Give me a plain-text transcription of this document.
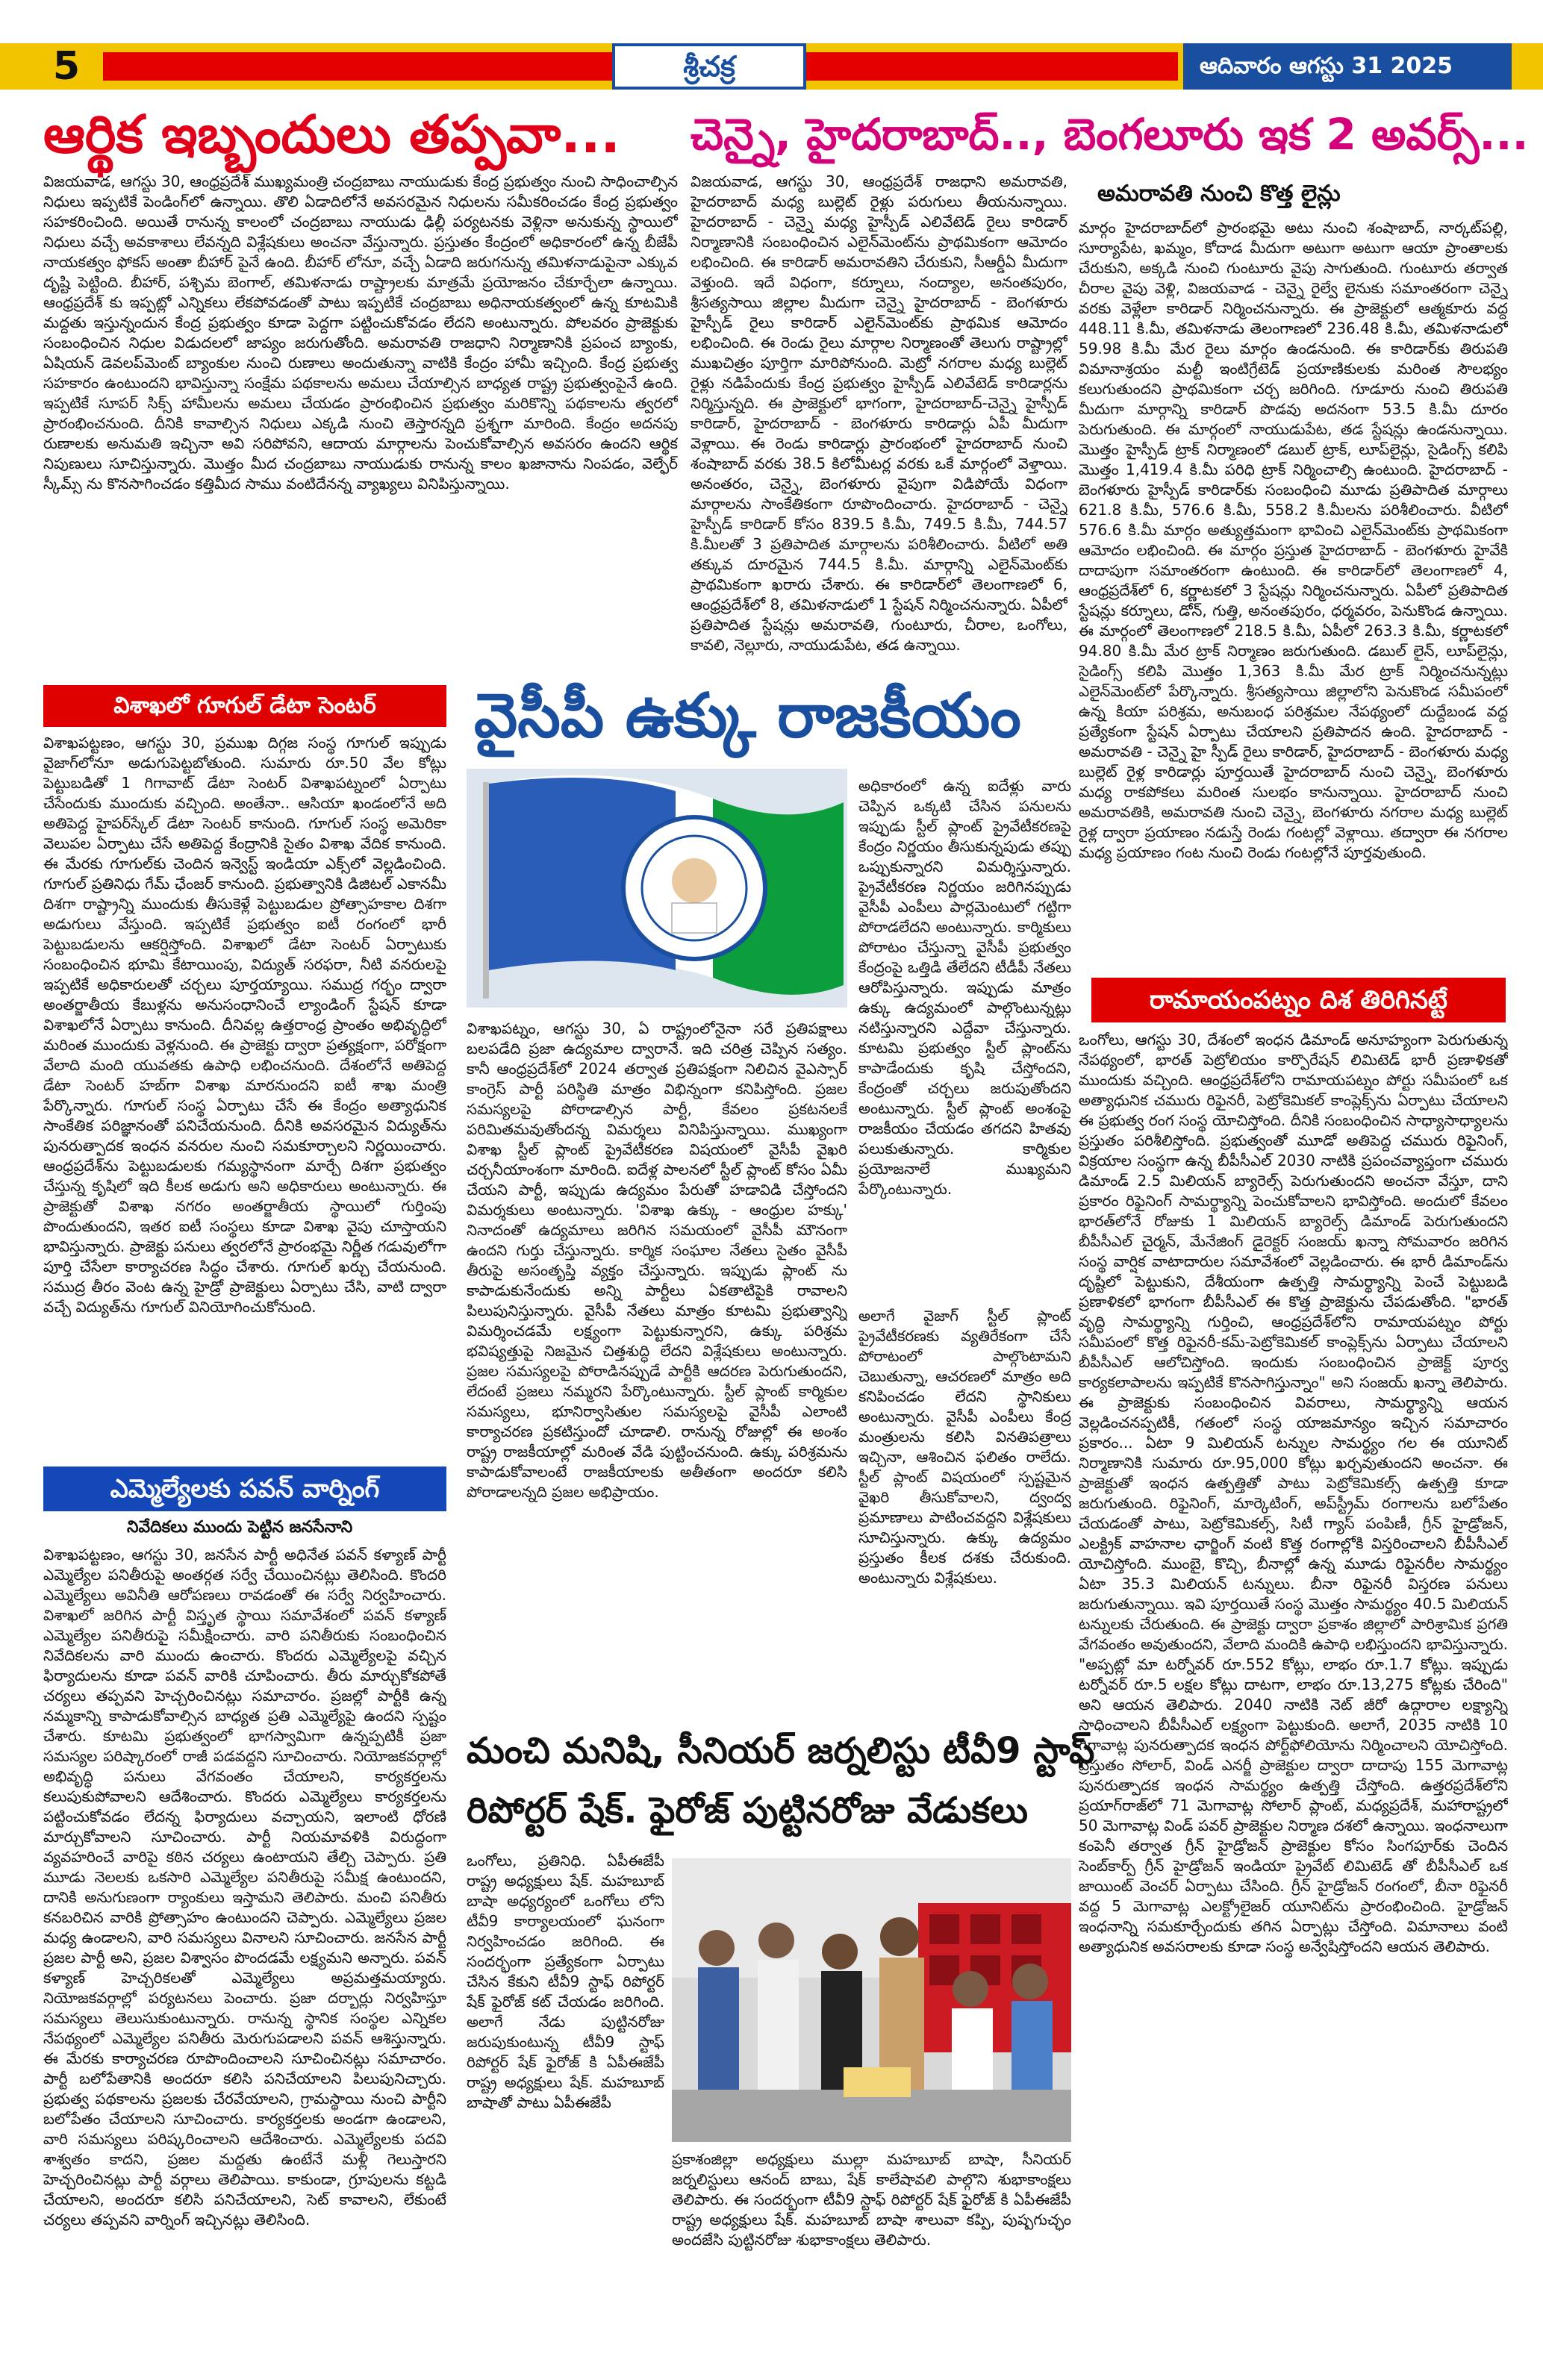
5	శ్రీచక్ర	ఆదివారం ఆగస్టు 31 2025
ఆర్థిక ఇబ్బందులు తప్పవా...
విజయవాడ, ఆగస్టు 30, ఆంధ్రప్రదేశ్ ముఖ్యమంత్రి చంద్రబాబు నాయుడుకు కేంద్ర ప్రభుత్వం నుంచి సాధించాల్సిన నిధులు ఇప్పటికే పెండింగ్‌లో ఉన్నాయి. తొలి ఏడాదిలోనే అవసరమైన నిధులను సమీకరించడం కేంద్ర ప్రభుత్వం సహకరించింది. అయితే రానున్న కాలంలో చంద్రబాబు నాయుడు ఢిల్లీ పర్యటనకు వెళ్లినా అనుకున్న స్థాయిలో నిధులు వచ్చే అవకాశాలు లేవన్నది విశ్లేషకులు అంచనా వేస్తున్నారు. ప్రస్తుతం కేంద్రంలో అధికారంలో ఉన్న బీజేపీ నాయకత్వం ఫోకస్ అంతా బీహార్ పైనే ఉంది. బీహార్ లోనూ, వచ్చే ఏడాది జరుగనున్న తమిళనాడుపైనా ఎక్కువ దృష్టి పెట్టింది. బీహార్, పశ్చిమ బెంగాల్, తమిళనాడు రాష్ట్రాలకు మాత్రమే ప్రయోజనం చేకూర్చేలా ఉన్నాయి. ఆంధ్రప్రదేశ్ కు ఇప్పట్లో ఎన్నికలు లేకపోవడంతో పాటు ఇప్పటికే చంద్రబాబు అధినాయకత్వంలో ఉన్న కూటమికి మద్దతు ఇస్తున్నందున కేంద్ర ప్రభుత్వం కూడా పెద్దగా పట్టించుకోవడం లేదని అంటున్నారు. పోలవరం ప్రాజెక్టుకు సంబంధించిన నిధుల విడుదలలో జాప్యం జరుగుతోంది. అమరావతి రాజధాని నిర్మాణానికి ప్రపంచ బ్యాంకు, ఏషియన్ డెవలప్‌మెంట్ బ్యాంకుల నుంచి రుణాలు అందుతున్నా వాటికి కేంద్రం హామీ ఇచ్చింది. కేంద్ర ప్రభుత్వ సహకారం ఉంటుందని భావిస్తున్నా సంక్షేమ పథకాలను అమలు చేయాల్సిన బాధ్యత రాష్ట్ర ప్రభుత్వంపైనే ఉంది. ఇప్పటికే సూపర్ సిక్స్ హామీలను అమలు చేయడం ప్రారంభించిన ప్రభుత్వం మరికొన్ని పథకాలను త్వరలో ప్రారంభించనుంది. దీనికి కావాల్సిన నిధులు ఎక్కడి నుంచి తెస్తారన్నది ప్రశ్నగా మారింది. కేంద్రం అదనపు రుణాలకు అనుమతి ఇచ్చినా అవి సరిపోవని, ఆదాయ మార్గాలను పెంచుకోవాల్సిన అవసరం ఉందని ఆర్థిక నిపుణులు సూచిస్తున్నారు. మొత్తం మీద చంద్రబాబు నాయుడుకు రానున్న కాలం ఖజానాను నింపడం, వెల్ఫేర్ స్కీమ్స్ ను కొనసాగించడం కత్తిమీద సాము వంటిదేనన్న వ్యాఖ్యలు వినిపిస్తున్నాయి.
చెన్నై, హైదరాబాద్.., బెంగలూరు ఇక 2 అవర్స్...
విజయవాడ, ఆగస్టు 30, ఆంధ్రప్రదేశ్ రాజధాని అమరావతి, హైదరాబాద్ మధ్య బుల్లెట్ రైళ్లు పరుగులు తీయనున్నాయి. హైదరాబాద్ - చెన్నై మధ్య హైస్పీడ్ ఎలివేటెడ్ రైలు కారిడార్ నిర్మాణానికి సంబంధించిన ఎలైన్‌మెంట్‌ను ప్రాథమికంగా ఆమోదం లభించింది. ఈ కారిడార్ అమరావతిని చేరుకుని, సీఆర్డీఏ మీదుగా వెళ్తుంది. ఇదే విధంగా, కర్నూలు, నంద్యాల, అనంతపురం, శ్రీసత్యసాయి జిల్లాల మీదుగా చెన్నై హైదరాబాద్ - బెంగళూరు హైస్పీడ్ రైలు కారిడార్ ఎలైన్‌మెంట్‌కు ప్రాథమిక ఆమోదం లభించింది. ఈ రెండు రైలు మార్గాల నిర్మాణంతో తెలుగు రాష్ట్రాల్లో ముఖచిత్రం పూర్తిగా మారిపోనుంది. మెట్రో నగరాల మధ్య బుల్లెట్ రైళ్లు నడిపేందుకు కేంద్ర ప్రభుత్వం హైస్పీడ్ ఎలివేటెడ్ కారిడార్లను నిర్మిస్తున్నది. ఈ ప్రాజెక్టులో భాగంగా, హైదరాబాద్-చెన్నై హైస్పీడ్ కారిడార్, హైదరాబాద్ - బెంగళూరు కారిడార్లు ఏపీ మీదుగా వెళ్లాయి. ఈ రెండు కారిడార్లు ప్రారంభంలో హైదరాబాద్ నుంచి శంషాబాద్ వరకు 38.5 కిలోమీటర్ల వరకు ఒకే మార్గంలో వెళ్తాయి. అనంతరం, చెన్నై, బెంగళూరు వైపుగా విడిపోయే విధంగా మార్గాలను సాంకేతికంగా రూపొందించారు. హైదరాబాద్ - చెన్నై హైస్పీడ్ కారిడార్ కోసం 839.5 కి.మీ, 749.5 కి.మీ, 744.57 కి.మీలతో 3 ప్రతిపాదిత మార్గాలను పరిశీలించారు. వీటిలో అతి తక్కువ దూరమైన 744.5 కి.మీ. మార్గాన్ని ఎలైన్‌మెంట్‌కు ప్రాథమికంగా ఖరారు చేశారు. ఈ కారిడార్‌లో తెలంగాణలో 6, ఆంధ్రప్రదేశ్‌లో 8, తమిళనాడులో 1 స్టేషన్ నిర్మించనున్నారు. ఏపీలో ప్రతిపాదిత స్టేషన్లు అమరావతి, గుంటూరు, చీరాల, ఒంగోలు, కావలి, నెల్లూరు, నాయుడుపేట, తడ ఉన్నాయి.
అమరావతి నుంచి కొత్త లైన్లు
మార్గం హైదరాబాద్‌లో ప్రారంభమై అటు నుంచి శంషాబాద్, నార్కట్‌పల్లి, సూర్యాపేట, ఖమ్మం, కోదాడ మీదుగా అటుగా అటుగా ఆయా ప్రాంతాలకు చేరుకుని, అక్కడి నుంచి గుంటూరు వైపు సాగుతుంది. గుంటూరు తర్వాత చీరాల వైపు వెళ్లి, విజయవాడ - చెన్నై రైల్వే లైనుకు సమాంతరంగా చెన్నై వరకు వెళ్లేలా కారిడార్ నిర్మించనున్నారు. ఈ ప్రాజెక్టులో ఆత్మకూరు వద్ద 448.11 కి.మీ, తమిళనాడు తెలంగాణలో 236.48 కి.మీ, తమిళనాడులో 59.98 కి.మీ మేర రైలు మార్గం ఉండనుంది. ఈ కారిడార్‌కు తిరుపతి విమానాశ్రయం మల్టీ ఇంటిగ్రేటెడ్ ప్రయాణికులకు మరింత సౌలభ్యం కలుగుతుందని ప్రాథమికంగా చర్చ జరిగింది. గూడూరు నుంచి తిరుపతి మీదుగా మార్గాన్ని కారిడార్ పొడవు అదనంగా 53.5 కి.మీ దూరం పెరుగుతుంది. ఈ మార్గంలో నాయుడుపేట, తడ స్టేషన్లు ఉండనున్నాయి. మొత్తం హైస్పీడ్ ట్రాక్ నిర్మాణంలో డబుల్ ట్రాక్, లూప్‌లైన్లు, సైడింగ్స్ కలిపి మొత్తం 1,419.4 కి.మీ పరిధి ట్రాక్ నిర్మించాల్సి ఉంటుంది. హైదరాబాద్ - బెంగళూరు హైస్పీడ్ కారిడార్‌కు సంబంధించి మూడు ప్రతిపాదిత మార్గాలు 621.8 కి.మీ, 576.6 కి.మీ, 558.2 కి.మీలను పరిశీలించారు. వీటిలో 576.6 కి.మీ మార్గం అత్యుత్తమంగా భావించి ఎలైన్‌మెంట్‌కు ప్రాథమికంగా ఆమోదం లభించింది. ఈ మార్గం ప్రస్తుత హైదరాబాద్ - బెంగళూరు హైవేకి దాదాపుగా సమాంతరంగా ఉంటుంది. ఈ కారిడార్‌లో తెలంగాణలో 4, ఆంధ్రప్రదేశ్‌లో 6, కర్ణాటకలో 3 స్టేషన్లు నిర్మించనున్నారు. ఏపీలో ప్రతిపాదిత స్టేషన్లు కర్నూలు, డోన్, గుత్తి, అనంతపురం, ధర్మవరం, పెనుకొండ ఉన్నాయి. ఈ మార్గంలో తెలంగాణలో 218.5 కి.మీ, ఏపీలో 263.3 కి.మీ, కర్ణాటకలో 94.80 కి.మీ మేర ట్రాక్ నిర్మాణం జరుగుతుంది. డబుల్ లైన్, లూప్‌లైన్లు, సైడింగ్స్ కలిపి మొత్తం 1,363 కి.మీ మేర ట్రాక్ నిర్మించనున్నట్లు ఎలైన్‌మెంట్‌లో పేర్కొన్నారు. శ్రీసత్యసాయి జిల్లాలోని పెనుకొండ సమీపంలో ఉన్న కియా పరిశ్రమ, అనుబంధ పరిశ్రమల నేపథ్యంలో దుద్దేబండ వద్ద ప్రత్యేకంగా స్టేషన్ ఏర్పాటు చేయాలని ప్రతిపాదన ఉంది. హైదరాబాద్ - అమరావతి - చెన్నై హై స్పీడ్ రైలు కారిడార్, హైదరాబాద్ - బెంగళూరు మధ్య బుల్లెట్ రైళ్ల కారిడార్లు పూర్తయితే హైదరాబాద్ నుంచి చెన్నై, బెంగళూరు మధ్య రాకపోకలు మరింత సులభం కానున్నాయి. హైదరాబాద్ నుంచి అమరావతికి, అమరావతి నుంచి చెన్నై, బెంగళూరు నగరాల మధ్య బుల్లెట్ రైళ్ల ద్వారా ప్రయాణం నడుస్తే రెండు గంటల్లో వెళ్లాయి. తద్వారా ఈ నగరాల మధ్య ప్రయాణం గంట నుంచి రెండు గంటల్లోనే పూర్తవుతుంది.
విశాఖలో గూగుల్ డేటా సెంటర్
విశాఖపట్టణం, ఆగస్టు 30, ప్రముఖ దిగ్గజ సంస్థ గూగుల్ ఇప్పుడు వైజాగ్‌లోనూ అడుగుపెట్టబోతుంది. సుమారు రూ.50 వేల కోట్లు పెట్టుబడితో 1 గిగావాట్ డేటా సెంటర్ విశాఖపట్నంలో ఏర్పాటు చేసేందుకు ముందుకు వచ్చింది. అంతేనా.. ఆసియా ఖండంలోనే అది అతిపెద్ద హైపర్‌స్కేల్ డేటా సెంటర్ కానుంది. గూగుల్ సంస్థ అమెరికా వెలుపల ఏర్పాటు చేసే అతిపెద్ద కేంద్రానికి సైతం విశాఖ వేదిక కానుంది. ఈ మేరకు గూగుల్‌కు చెందిన ఇన్వెస్ట్ ఇండియా ఎక్స్‌లో వెల్లడించింది. గూగుల్ ప్రతినిధు గేమ్ ఛేంజర్ కానుంది. ప్రభుత్వానికి డిజిటల్ ఎకానమీ దిశగా రాష్ట్రాన్ని ముందుకు తీసుకెళ్లే పెట్టుబడుల ప్రోత్సాహకాల దిశగా అడుగులు వేస్తుంది. ఇప్పటికే ప్రభుత్వం ఐటీ రంగంలో భారీ పెట్టుబడులను ఆకర్షిస్తోంది. విశాఖలో డేటా సెంటర్ ఏర్పాటుకు సంబంధించిన భూమి కేటాయింపు, విద్యుత్ సరఫరా, నీటి వనరులపై ఇప్పటికే అధికారులతో చర్చలు పూర్తయ్యాయి. సముద్ర గర్భం ద్వారా అంతర్జాతీయ కేబుళ్లను అనుసంధానించే ల్యాండింగ్ స్టేషన్ కూడా విశాఖలోనే ఏర్పాటు కానుంది. దీనివల్ల ఉత్తరాంధ్ర ప్రాంతం అభివృద్ధిలో మరింత ముందుకు వెళ్లనుంది. ఈ ప్రాజెక్టు ద్వారా ప్రత్యక్షంగా, పరోక్షంగా వేలాది మంది యువతకు ఉపాధి లభించనుంది. దేశంలోనే అతిపెద్ద డేటా సెంటర్ హబ్‌గా విశాఖ మారనుందని ఐటీ శాఖ మంత్రి పేర్కొన్నారు. గూగుల్ సంస్థ ఏర్పాటు చేసే ఈ కేంద్రం అత్యాధునిక సాంకేతిక పరిజ్ఞానంతో పనిచేయనుంది. దీనికి అవసరమైన విద్యుత్‌ను పునరుత్పాదక ఇంధన వనరుల నుంచి సమకూర్చాలని నిర్ణయించారు. ఆంధ్రప్రదేశ్‌ను పెట్టుబడులకు గమ్యస్థానంగా మార్చే దిశగా ప్రభుత్వం చేస్తున్న కృషిలో ఇది కీలక అడుగు అని అధికారులు అంటున్నారు. ఈ ప్రాజెక్టుతో విశాఖ నగరం అంతర్జాతీయ స్థాయిలో గుర్తింపు పొందుతుందని, ఇతర ఐటీ సంస్థలు కూడా విశాఖ వైపు చూస్తాయని భావిస్తున్నారు. ప్రాజెక్టు పనులు త్వరలోనే ప్రారంభమై నిర్ణీత గడువులోగా పూర్తి చేసేలా కార్యాచరణ సిద్ధం చేశారు. గూగుల్ ఖర్చు చేయనుంది. సముద్ర తీరం వెంట ఉన్న హైడ్రో ప్రాజెక్టులు ఏర్పాటు చేసి, వాటి ద్వారా వచ్చే విద్యుత్‌ను గూగుల్ వినియోగించుకోనుంది.
వైసీపీ ఉక్కు రాజకీయం
అధికారంలో ఉన్న ఐదేళ్లు వారు చెప్పిన ఒక్కటి చేసిన పనులను ఇప్పుడు స్టీల్ ప్లాంట్ ప్రైవేటీకరణపై కేంద్రం నిర్ణయం తీసుకున్నపుడు తప్పు ఒప్పుకున్నారని విమర్శిస్తున్నారు. ప్రైవేటీకరణ నిర్ణయం జరిగినప్పుడు వైసీపీ ఎంపీలు పార్లమెంటులో గట్టిగా పోరాడలేదని అంటున్నారు. కార్మికులు పోరాటం చేస్తున్నా వైసీపీ ప్రభుత్వం కేంద్రంపై ఒత్తిడి తేలేదని టీడీపీ నేతలు ఆరోపిస్తున్నారు. ఇప్పుడు మాత్రం ఉక్కు ఉద్యమంలో పాల్గొంటున్నట్లు నటిస్తున్నారని ఎద్దేవా చేస్తున్నారు. కూటమి ప్రభుత్వం స్టీల్ ప్లాంట్‌ను కాపాడేందుకు కృషి చేస్తోందని, కేంద్రంతో చర్చలు జరుపుతోందని అంటున్నారు. స్టీల్ ప్లాంట్ అంశంపై రాజకీయం చేయడం తగదని హితవు పలుకుతున్నారు. కార్మికుల ప్రయోజనాలే ముఖ్యమని పేర్కొంటున్నారు.
విశాఖపట్నం, ఆగస్టు 30, ఏ రాష్ట్రంలోనైనా సరే ప్రతిపక్షాలు బలపడేది ప్రజా ఉద్యమాల ద్వారానే. ఇది చరిత్ర చెప్పిన సత్యం. కానీ ఆంధ్రప్రదేశ్‌లో 2024 తర్వాత ప్రతిపక్షంగా నిలిచిన వైఎస్సార్ కాంగ్రెస్ పార్టీ పరిస్థితి మాత్రం విభిన్నంగా కనిపిస్తోంది. ప్రజల సమస్యలపై పోరాడాల్సిన పార్టీ, కేవలం ప్రకటనలకే పరిమితమవుతోందన్న విమర్శలు వినిపిస్తున్నాయి. ముఖ్యంగా విశాఖ స్టీల్ ప్లాంట్ ప్రైవేటీకరణ విషయంలో వైసీపీ వైఖరి చర్చనీయాంశంగా మారింది. ఐదేళ్ల పాలనలో స్టీల్ ప్లాంట్ కోసం ఏమీ చేయని పార్టీ, ఇప్పుడు ఉద్యమం పేరుతో హడావిడి చేస్తోందని విమర్శకులు అంటున్నారు. 'విశాఖ ఉక్కు - ఆంధ్రుల హక్కు' నినాదంతో ఉద్యమాలు జరిగిన సమయంలో వైసీపీ మౌనంగా ఉందని గుర్తు చేస్తున్నారు. కార్మిక సంఘాల నేతలు సైతం వైసీపీ తీరుపై అసంతృప్తి వ్యక్తం చేస్తున్నారు. ఇప్పుడు ప్లాంట్ ను కాపాడుకునేందుకు అన్ని పార్టీలు ఏకతాటిపైకి రావాలని పిలుపునిస్తున్నారు. వైసీపీ నేతలు మాత్రం కూటమి ప్రభుత్వాన్ని విమర్శించడమే లక్ష్యంగా పెట్టుకున్నారని, ఉక్కు పరిశ్రమ భవిష్యత్తుపై నిజమైన చిత్తశుద్ధి లేదని విశ్లేషకులు అంటున్నారు. ప్రజల సమస్యలపై పోరాడినప్పుడే పార్టీకి ఆదరణ పెరుగుతుందని, లేదంటే ప్రజలు నమ్మరని పేర్కొంటున్నారు. స్టీల్ ప్లాంట్ కార్మికుల సమస్యలు, భూనిర్వాసితుల సమస్యలపై వైసీపీ ఎలాంటి కార్యాచరణ ప్రకటిస్తుందో చూడాలి. రానున్న రోజుల్లో ఈ అంశం రాష్ట్ర రాజకీయాల్లో మరింత వేడి పుట్టించనుంది. ఉక్కు పరిశ్రమను కాపాడుకోవాలంటే రాజకీయాలకు అతీతంగా అందరూ కలిసి పోరాడాలన్నది ప్రజల అభిప్రాయం.
అలాగే వైజాగ్ స్టీల్ ప్లాంట్ ప్రైవేటీకరణకు వ్యతిరేకంగా చేసే పోరాటంలో పాల్గొంటామని చెబుతున్నా, ఆచరణలో మాత్రం అది కనిపించడం లేదని స్థానికులు అంటున్నారు. వైసీపీ ఎంపీలు కేంద్ర మంత్రులను కలిసి వినతిపత్రాలు ఇచ్చినా, ఆశించిన ఫలితం రాలేదు. స్టీల్ ప్లాంట్ విషయంలో స్పష్టమైన వైఖరి తీసుకోవాలని, ద్వంద్వ ప్రమాణాలు పాటించవద్దని విశ్లేషకులు సూచిస్తున్నారు. ఉక్కు ఉద్యమం ప్రస్తుతం కీలక దశకు చేరుకుంది. అంటున్నారు విశ్లేషకులు.
రామాయంపట్నం దిశ తిరిగినట్టే
ఒంగోలు, ఆగస్టు 30, దేశంలో ఇంధన డిమాండ్ అనూహ్యంగా పెరుగుతున్న నేపథ్యంలో, భారత్ పెట్రోలియం కార్పొరేషన్ లిమిటెడ్ భారీ ప్రణాళికతో ముందుకు వచ్చింది. ఆంధ్రప్రదేశ్‌లోని రామాయపట్నం పోర్టు సమీపంలో ఒక అత్యాధునిక చమురు రిఫైనరీ, పెట్రోకెమికల్ కాంప్లెక్స్‌ను ఏర్పాటు చేయాలని ఈ ప్రభుత్వ రంగ సంస్థ యోచిస్తోంది. దీనికి సంబంధించిన సాధ్యాసాధ్యాలను ప్రస్తుతం పరిశీలిస్తోంది. ప్రభుత్వంతో మూడో అతిపెద్ద చమురు రిఫైనింగ్, విక్రయాల సంస్థగా ఉన్న బీపీసీఎల్ 2030 నాటికి ప్రపంచవ్యాప్తంగా చమురు డిమాండ్ 2.5 మిలియన్ బ్యారెల్స్ పెరుగుతుందని అంచనా వేస్తూ, దాని ప్రకారం రిఫైనింగ్ సామర్థ్యాన్ని పెంచుకోవాలని భావిస్తోంది. అందులో కేవలం భారత్‌లోనే రోజుకు 1 మిలియన్ బ్యారెల్స్ డిమాండ్ పెరుగుతుందని బీపీసీఎల్ చైర్మన్, మేనేజింగ్ డైరెక్టర్ సంజయ్ ఖన్నా సోమవారం జరిగిన సంస్థ వార్షిక వాటాదారుల సమావేశంలో వెల్లడించారు. ఈ భారీ డిమాండ్‌ను దృష్టిలో పెట్టుకుని, దేశీయంగా ఉత్పత్తి సామర్థ్యాన్ని పెంచే పెట్టుబడి ప్రణాళికలో భాగంగా బీపీసీఎల్ ఈ కొత్త ప్రాజెక్టును చేపడుతోంది. "భారత్ వృద్ధి సామర్థ్యాన్ని గుర్తించి, ఆంధ్రప్రదేశ్‌లోని రామాయపట్నం పోర్టు సమీపంలో కొత్త రిఫైనరీ-కమ్-పెట్రోకెమికల్ కాంప్లెక్స్‌ను ఏర్పాటు చేయాలని బీపీసీఎల్ ఆలోచిస్తోంది. ఇందుకు సంబంధించిన ప్రాజెక్ట్ పూర్వ కార్యకలాపాలను ఇప్పటికే కొనసాగిస్తున్నాం" అని సంజయ్ ఖన్నా తెలిపారు. ఈ ప్రాజెక్టుకు సంబంధించిన వివరాలు, సామర్థ్యాన్ని ఆయన వెల్లడించనప్పటికీ, గతంలో సంస్థ యాజమాన్యం ఇచ్చిన సమాచారం ప్రకారం... ఏటా 9 మిలియన్ టన్నుల సామర్థ్యం గల ఈ యూనిట్ నిర్మాణానికి సుమారు రూ.95,000 కోట్లు ఖర్చవుతుందని అంచనా. ఈ ప్రాజెక్టుతో ఇంధన ఉత్పత్తితో పాటు పెట్రోకెమికల్స్ ఉత్పత్తి కూడా జరుగుతుంది. రిఫైనింగ్, మార్కెటింగ్, అప్‌స్ట్రీమ్ రంగాలను బలోపేతం చేయడంతో పాటు, పెట్రోకెమికల్స్, సిటీ గ్యాస్ పంపిణీ, గ్రీన్ హైడ్రోజన్, ఎలక్ట్రిక్ వాహనాల ఛార్జింగ్ వంటి కొత్త రంగాల్లోకి విస్తరించాలని బీపీసీఎల్ యోచిస్తోంది. ముంబై, కొచ్చి, బీనాల్లో ఉన్న మూడు రిఫైనరీల సామర్థ్యం ఏటా 35.3 మిలియన్ టన్నులు. బీనా రిఫైనరీ విస్తరణ పనులు జరుగుతున్నాయి. ఇవి పూర్తయితే సంస్థ మొత్తం సామర్థ్యం 40.5 మిలియన్ టన్నులకు చేరుతుంది. ఈ ప్రాజెక్టు ద్వారా ప్రకాశం జిల్లాలో పారిశ్రామిక ప్రగతి వేగవంతం అవుతుందని, వేలాది మందికి ఉపాధి లభిస్తుందని భావిస్తున్నారు. "అప్పట్లో మా టర్నోవర్ రూ.552 కోట్లు, లాభం రూ.1.7 కోట్లు. ఇప్పుడు టర్నోవర్ రూ.5 లక్షల కోట్లు దాటగా, లాభం రూ.13,275 కోట్లకు చేరింది" అని ఆయన తెలిపారు. 2040 నాటికి నెట్ జీరో ఉద్గారాల లక్ష్యాన్ని సాధించాలని బీపీసీఎల్ లక్ష్యంగా పెట్టుకుంది. అలాగే, 2035 నాటికి 10 గిగావాట్ల పునరుత్పాదక ఇంధన పోర్ట్‌ఫోలియోను నిర్మించాలని యోచిస్తోంది. ప్రస్తుతం సోలార్, విండ్ ఎనర్జీ ప్రాజెక్టుల ద్వారా దాదాపు 155 మెగావాట్ల పునరుత్పాదక ఇంధన సామర్థ్యం ఉత్పత్తి చేస్తోంది. ఉత్తరప్రదేశ్‌లోని ప్రయాగ్‌రాజ్‌లో 71 మెగావాట్ల సోలార్ ప్లాంట్, మధ్యప్రదేశ్, మహారాష్ట్రలో 50 మెగావాట్ల విండ్ పవర్ ప్రాజెక్టుల నిర్మాణ దశలో ఉన్నాయి. ఇంధనాలుగా కంపెనీ తర్వాత గ్రీన్ హైడ్రోజన్ ప్రాజెక్టుల కోసం సింగపూర్‌కు చెందిన సెంబ్‌కార్ప్ గ్రీన్ హైడ్రోజన్ ఇండియా ప్రైవేట్ లిమిటెడ్ తో బీపీసీఎల్ ఒక జాయింట్ వెంచర్ ఏర్పాటు చేసింది. గ్రీన్ హైడ్రోజన్ రంగంలో, బీనా రిఫైనరీ వద్ద 5 మెగావాట్ల ఎలక్ట్రోలైజర్ యూనిట్‌ను ప్రారంభించింది. హైడ్రోజన్ ఇంధనాన్ని సమకూర్చేందుకు తగిన ఏర్పాట్లు చేస్తోంది. విమానాలు వంటి అత్యాధునిక అవసరాలకు కూడా సంస్థ అన్వేషిస్తోందని ఆయన తెలిపారు.
ఎమ్మెల్యేలకు పవన్ వార్నింగ్
నివేదికలు ముందు పెట్టిన జనసేనాని
విశాఖపట్టణం, ఆగస్టు 30, జనసేన పార్టీ అధినేత పవన్ కళ్యాణ్ పార్టీ ఎమ్మెల్యేల పనితీరుపై అంతర్గత సర్వే చేయించినట్లు తెలిసింది. కొందరి ఎమ్మెల్యేలు అవినీతి ఆరోపణలు రావడంతో ఈ సర్వే నిర్వహించారు. విశాఖలో జరిగిన పార్టీ విస్తృత స్థాయి సమావేశంలో పవన్ కళ్యాణ్ ఎమ్మెల్యేల పనితీరుపై సమీక్షించారు. వారి పనితీరుకు సంబంధించిన నివేదికలను వారి ముందు ఉంచారు. కొందరు ఎమ్మెల్యేలపై వచ్చిన ఫిర్యాదులను కూడా పవన్ వారికి చూపించారు. తీరు మార్చుకోకపోతే చర్యలు తప్పవని హెచ్చరించినట్లు సమాచారం. ప్రజల్లో పార్టీకి ఉన్న నమ్మకాన్ని కాపాడుకోవాల్సిన బాధ్యత ప్రతి ఎమ్మెల్యేపై ఉందని స్పష్టం చేశారు. కూటమి ప్రభుత్వంలో భాగస్వామిగా ఉన్నప్పటికీ ప్రజా సమస్యల పరిష్కారంలో రాజీ పడవద్దని సూచించారు. నియోజకవర్గాల్లో అభివృద్ధి పనులు వేగవంతం చేయాలని, కార్యకర్తలను కలుపుకుపోవాలని ఆదేశించారు. కొందరు ఎమ్మెల్యేలు కార్యకర్తలను పట్టించుకోవడం లేదన్న ఫిర్యాదులు వచ్చాయని, ఇలాంటి ధోరణి మార్చుకోవాలని సూచించారు. పార్టీ నియమావళికి విరుద్ధంగా వ్యవహరించే వారిపై కఠిన చర్యలు ఉంటాయని తేల్చి చెప్పారు. ప్రతి మూడు నెలలకు ఒకసారి ఎమ్మెల్యేల పనితీరుపై సమీక్ష ఉంటుందని, దానికి అనుగుణంగా ర్యాంకులు ఇస్తామని తెలిపారు. మంచి పనితీరు కనబరిచిన వారికి ప్రోత్సాహం ఉంటుందని చెప్పారు. ఎమ్మెల్యేలు ప్రజల మధ్య ఉండాలని, వారి సమస్యలు వినాలని సూచించారు. జనసేన పార్టీ ప్రజల పార్టీ అని, ప్రజల విశ్వాసం పొందడమే లక్ష్యమని అన్నారు. పవన్ కళ్యాణ్ హెచ్చరికలతో ఎమ్మెల్యేలు అప్రమత్తమయ్యారు. నియోజకవర్గాల్లో పర్యటనలు పెంచారు. ప్రజా దర్బార్లు నిర్వహిస్తూ సమస్యలు తెలుసుకుంటున్నారు. రానున్న స్థానిక సంస్థల ఎన్నికల నేపథ్యంలో ఎమ్మెల్యేల పనితీరు మెరుగుపడాలని పవన్ ఆశిస్తున్నారు. ఈ మేరకు కార్యాచరణ రూపొందించాలని సూచించినట్లు సమాచారం. పార్టీ బలోపేతానికి అందరూ కలిసి పనిచేయాలని పిలుపునిచ్చారు. ప్రభుత్వ పథకాలను ప్రజలకు చేరవేయాలని, గ్రామస్థాయి నుంచి పార్టీని బలోపేతం చేయాలని సూచించారు. కార్యకర్తలకు అండగా ఉండాలని, వారి సమస్యలు పరిష్కరించాలని ఆదేశించారు. ఎమ్మెల్యేలకు పదవి శాశ్వతం కాదని, ప్రజల మద్దతు ఉంటేనే మళ్లీ గెలుస్తారని హెచ్చరించినట్లు పార్టీ వర్గాలు తెలిపాయి. కాకుండా, గ్రూపులను కట్టడి చేయాలని, అందరూ కలిసి పనిచేయాలని, సెట్ కావాలని, లేకుంటే చర్యలు తప్పవని వార్నింగ్ ఇచ్చినట్లు తెలిసింది.
మంచి మనిషి, సీనియర్ జర్నలిస్టు టీవీ9 స్టాఫ్
రిపోర్టర్ షేక్. ఫైరోజ్ పుట్టినరోజు వేడుకలు
ఒంగోలు, ప్రతినిధి. ఏపీఈజేపీ రాష్ట్ర అధ్యక్షులు షేక్. మహబూబ్ బాషా అధ్యర్యంలో ఒంగోలు లోని టీవీ9 కార్యాలయంలో ఘనంగా నిర్వహించడం జరిగింది. ఈ సందర్భంగా ప్రత్యేకంగా ఏర్పాటు చేసిన కేకుని టీవీ9 స్టాఫ్ రిపోర్టర్ షేక్ ఫైరోజ్ కట్ చేయడం జరిగింది. అలాగే నేడు పుట్టినరోజు జరుపుకుంటున్న టీవీ9 స్టాఫ్ రిపోర్టర్ షేక్ ఫైరోజ్ కి ఏపీఈజేపీ రాష్ట్ర అధ్యక్షులు షేక్. మహబూబ్ బాషాతో పాటు ఏపీఈజేపీ
ప్రకాశంజిల్లా అధ్యక్షులు ముల్లా మహబూబ్ బాషా, సీనియర్ జర్నలిస్టులు ఆనంద్ బాబు, షేక్ కాలేషావలి పాల్గొని శుభాకాంక్షలు తెలిపారు. ఈ సందర్భంగా టీవీ9 స్టాఫ్ రిపోర్టర్ షేక్ ఫైరోజ్ కి ఏపీఈజేపీ రాష్ట్ర అధ్యక్షులు షేక్. మహబూబ్ బాషా శాలువా కప్పి, పుష్పగుచ్ఛం అందజేసి పుట్టినరోజు శుభాకాంక్షలు తెలిపారు.
